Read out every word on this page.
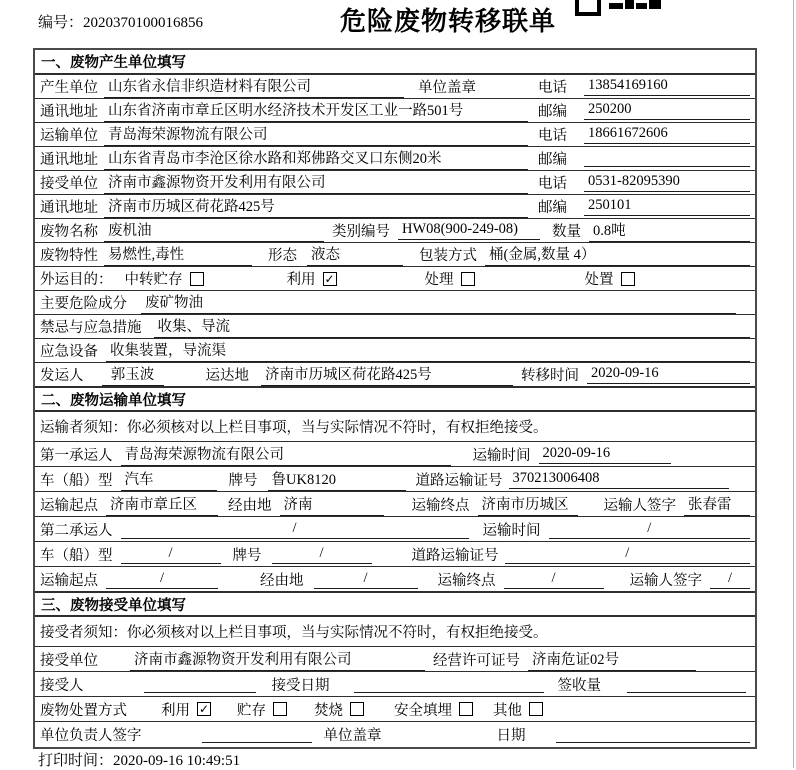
编号：2020370100016856	危险废物转移联单
一、废物产生单位填写
产生单位 山东省永信非织造材料有限公司	单位盖章	电话	13854169160
通讯地址 山东省济南市章丘区明水经济技术开发区工业一路501号	邮编	250200
运输单位 青岛海荣源物流有限公司	电话	18661672606
通讯地址 山东省青岛市李沧区徐水路和郑佛路交叉口东侧20米	邮编
接受单位 济南市鑫源物资开发利用有限公司	电话	0531-82095390
通讯地址 济南市历城区荷花路425号	邮编	250101
废物名称 废机油	类别编号 HW08(900-249-08)	数量 0.8吨
废物特性 易燃性,毒性	形态 液态	包装方式 桶(金属,数量 4）
外运目的： 中转贮存	利用 ✓	处理	处置
主要危险成分 废矿物油
禁忌与应急措施 收集、导流
应急设备 收集装置，导流渠
发运人	郭玉波	运达地 济南市历城区荷花路425号	转移时间 2020-09-16
二、废物运输单位填写
运输者须知：你必须核对以上栏目事项，当与实际情况不符时，有权拒绝接受。
第一承运人 青岛海荣源物流有限公司	运输时间 2020-09-16
车（船）型 汽车	牌号 鲁UK8120	道路运输证号 370213006408
运输起点 济南市章丘区	经由地 济南	运输终点 济南市历城区	运输人签字 张春雷
第二承运人	/	运输时间	/
车（船）型	/	牌号	/	道路运输证号	/
运输起点	/	经由地	/	运输终点	/	运输人签字	/
三、废物接受单位填写
接受者须知：你必须核对以上栏目事项，当与实际情况不符时，有权拒绝接受。
接受单位 济南市鑫源物资开发利用有限公司	经营许可证号 济南危证02号
接受人	接受日期	签收量
废物处置方式 利用 ✓ 贮存	焚烧	安全填埋	其他
单位负责人签字	单位盖章	日期
打印时间：2020-09-16 10:49:51
